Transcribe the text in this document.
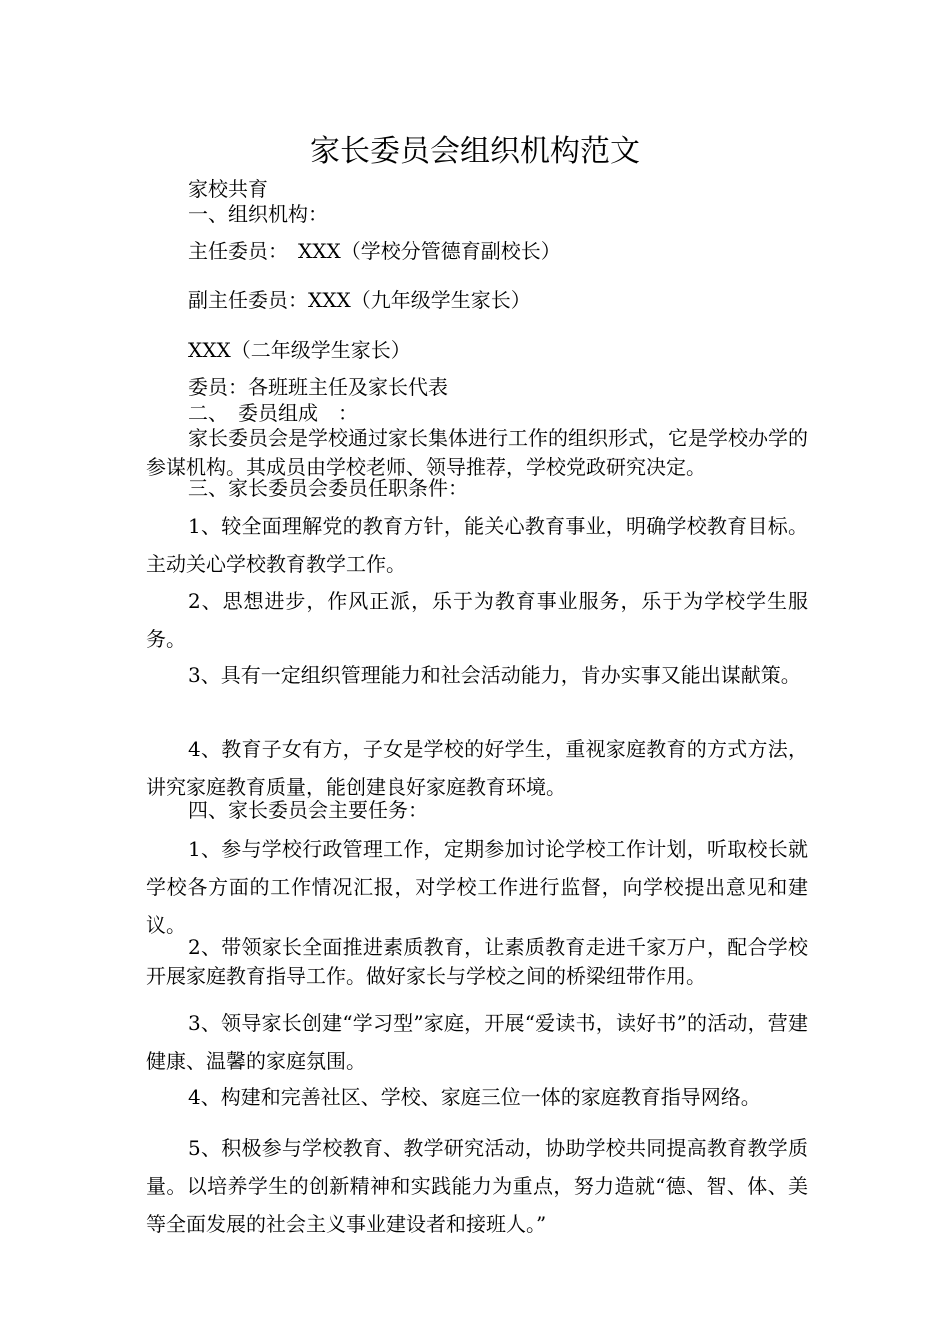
家长委员会组织机构范文

家校共育

一、组织机构：

主任委员：　XXX（学校分管德育副校长）

副主任委员：XXX（九年级学生家长）

XXX（二年级学生家长）

委员：各班班主任及家长代表

二、　委员组成　：

家长委员会是学校通过家长集体进行工作的组织形式，它是学校办学的参谋机构。其成员由学校老师、领导推荐，学校党政研究决定。

三、家长委员会委员任职条件：

1、较全面理解党的教育方针，能关心教育事业，明确学校教育目标。主动关心学校教育教学工作。

2、思想进步，作风正派，乐于为教育事业服务，乐于为学校学生服务。

3、具有一定组织管理能力和社会活动能力，肯办实事又能出谋献策。

4、教育子女有方，子女是学校的好学生，重视家庭教育的方式方法，讲究家庭教育质量，能创建良好家庭教育环境。

四、家长委员会主要任务：

1、参与学校行政管理工作，定期参加讨论学校工作计划，听取校长就学校各方面的工作情况汇报，对学校工作进行监督，向学校提出意见和建议。

2、带领家长全面推进素质教育，让素质教育走进千家万户，配合学校开展家庭教育指导工作。做好家长与学校之间的桥梁纽带作用。

3、领导家长创建“学习型”家庭，开展“爱读书，读好书”的活动，营建健康、温馨的家庭氛围。

4、构建和完善社区、学校、家庭三位一体的家庭教育指导网络。

5、积极参与学校教育、教学研究活动，协助学校共同提高教育教学质量。以培养学生的创新精神和实践能力为重点，努力造就“德、智、体、美等全面发展的社会主义事业建设者和接班人。”
